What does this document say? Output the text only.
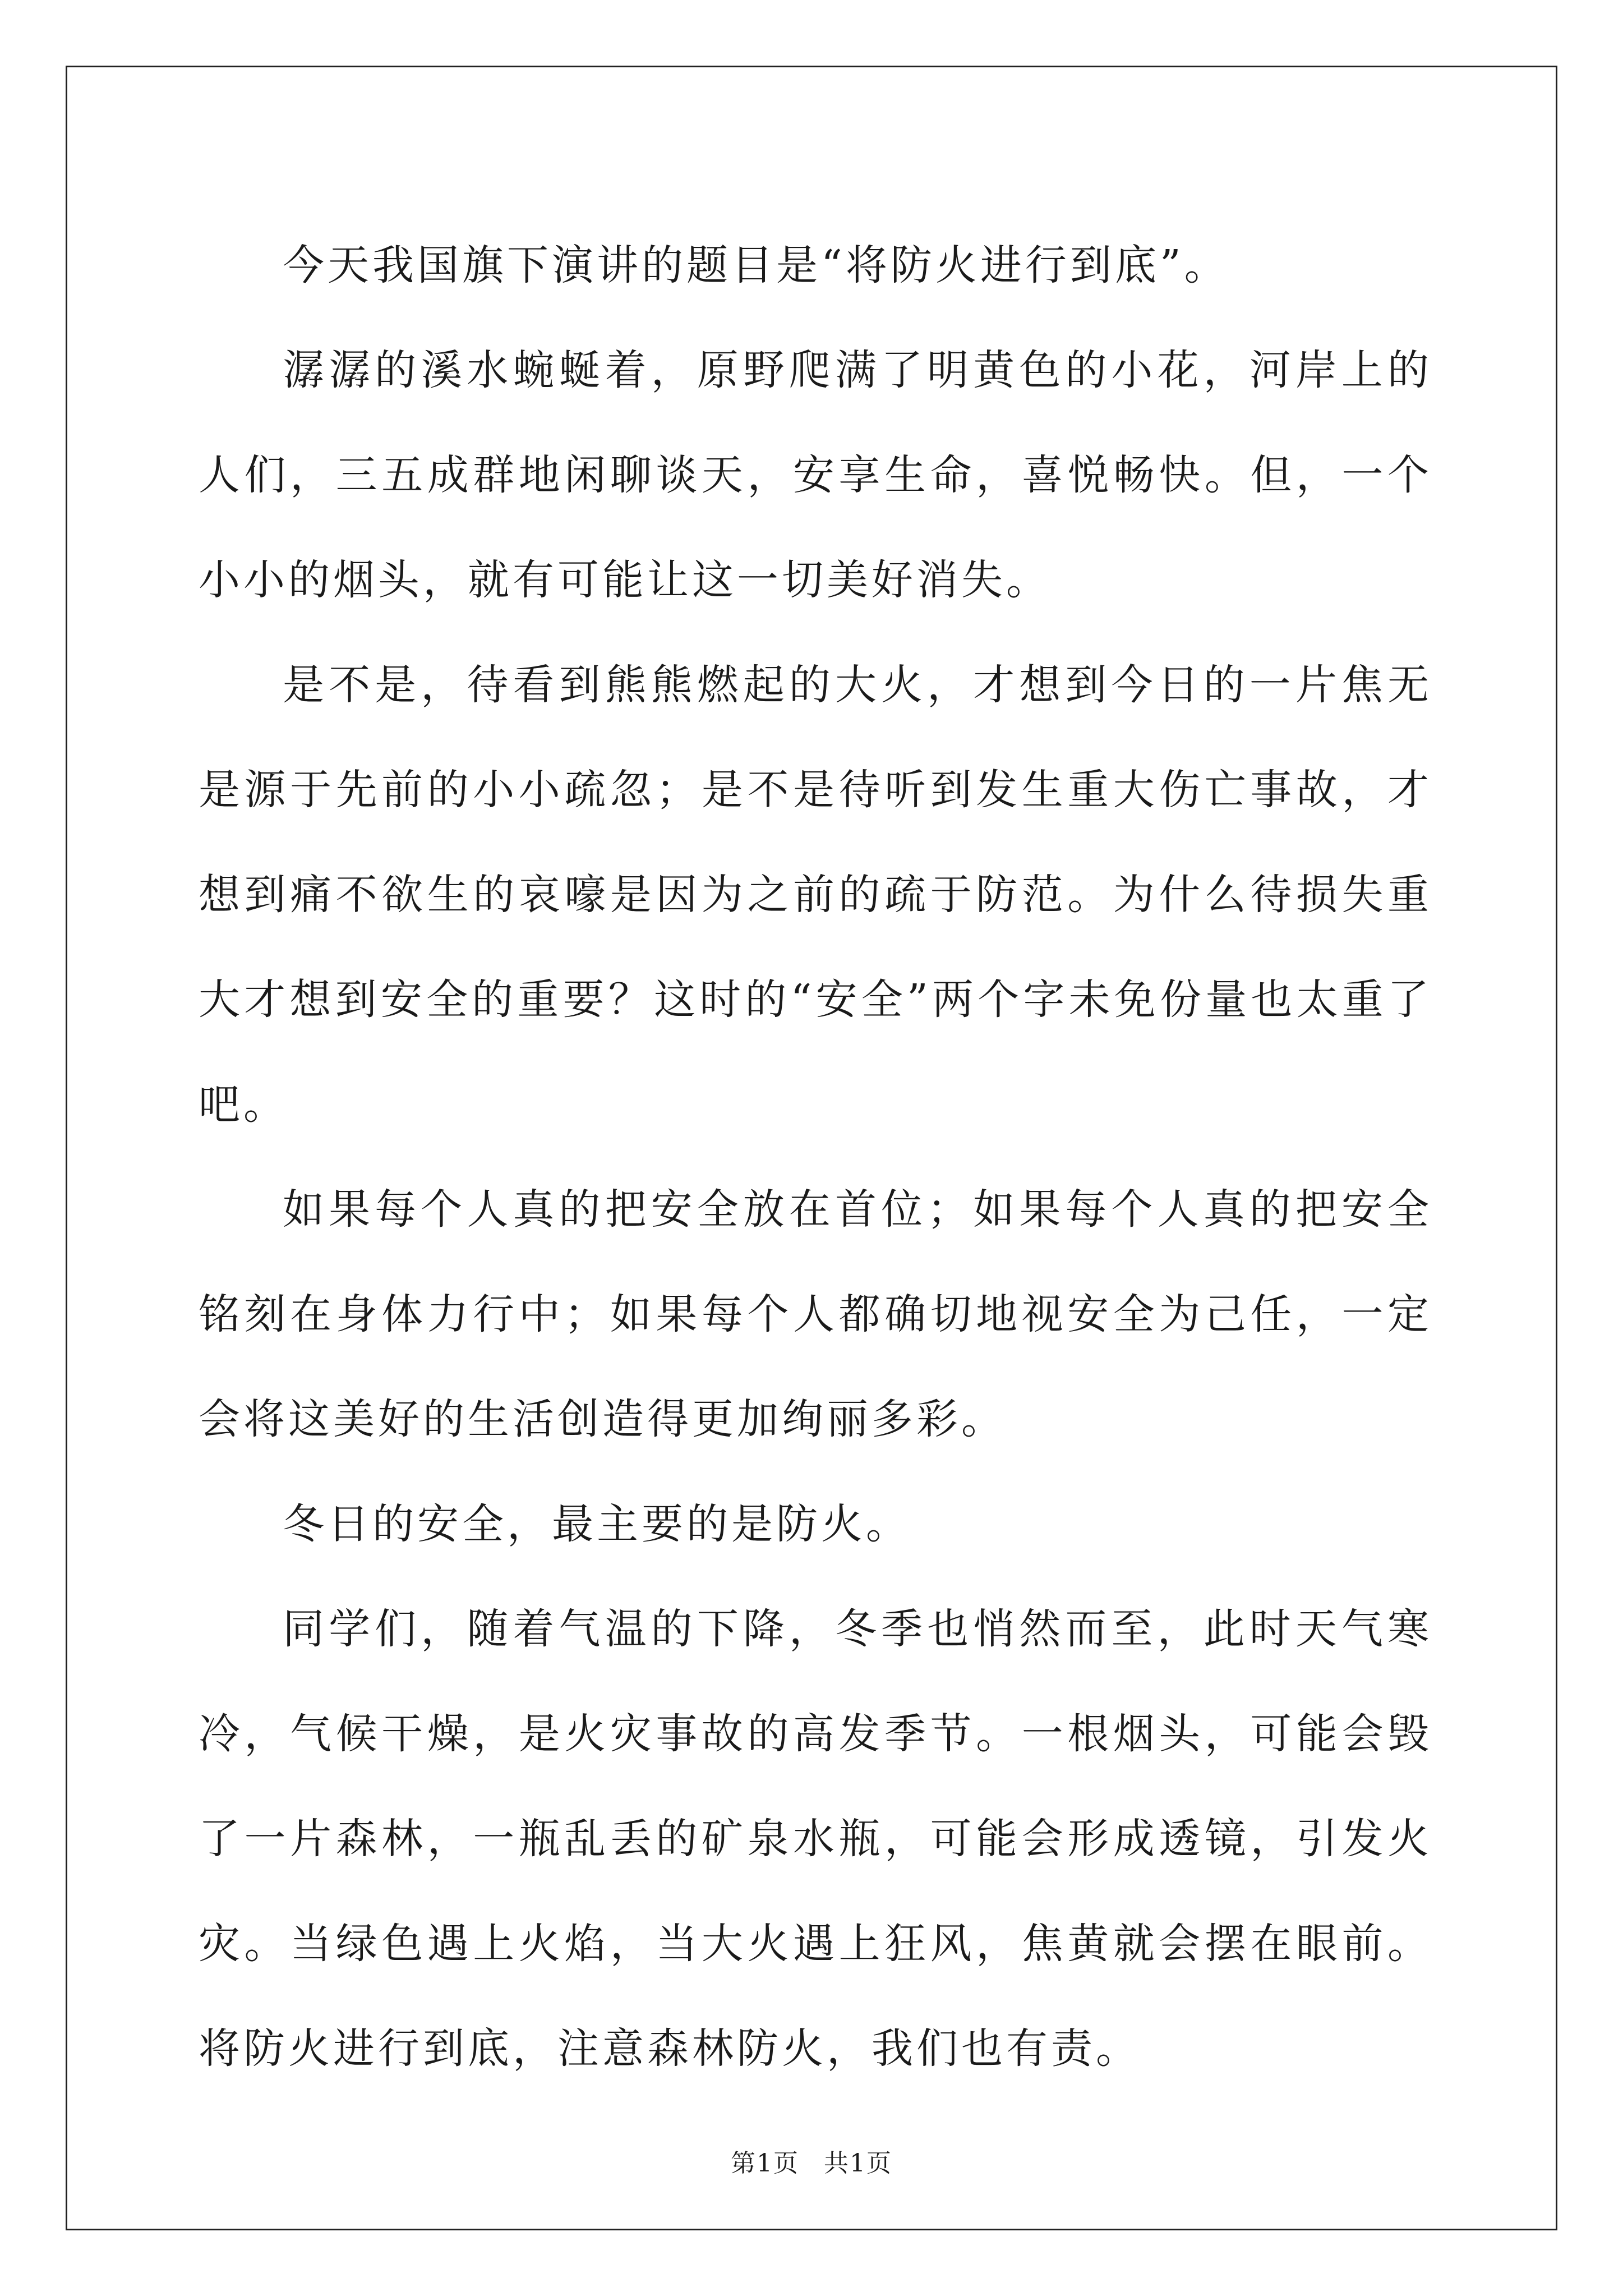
今天我国旗下演讲的题目是“将防火进行到底”。

潺潺的溪水蜿蜒着，原野爬满了明黄色的小花，河岸上的人们，三五成群地闲聊谈天，安享生命，喜悦畅快。但，一个小小的烟头，就有可能让这一切美好消失。

是不是，待看到熊熊燃起的大火，才想到今日的一片焦无是源于先前的小小疏忽；是不是待听到发生重大伤亡事故，才想到痛不欲生的哀嚎是因为之前的疏于防范。为什么待损失重大才想到安全的重要？这时的“安全”两个字未免份量也太重了吧。

如果每个人真的把安全放在首位；如果每个人真的把安全铭刻在身体力行中；如果每个人都确切地视安全为己任，一定会将这美好的生活创造得更加绚丽多彩。

冬日的安全，最主要的是防火。

同学们，随着气温的下降，冬季也悄然而至，此时天气寒冷，气候干燥，是火灾事故的高发季节。一根烟头，可能会毁了一片森林，一瓶乱丢的矿泉水瓶，可能会形成透镜，引发火灾。当绿色遇上火焰，当大火遇上狂风，焦黄就会摆在眼前。将防火进行到底，注意森林防火，我们也有责。

第1页 共1页
